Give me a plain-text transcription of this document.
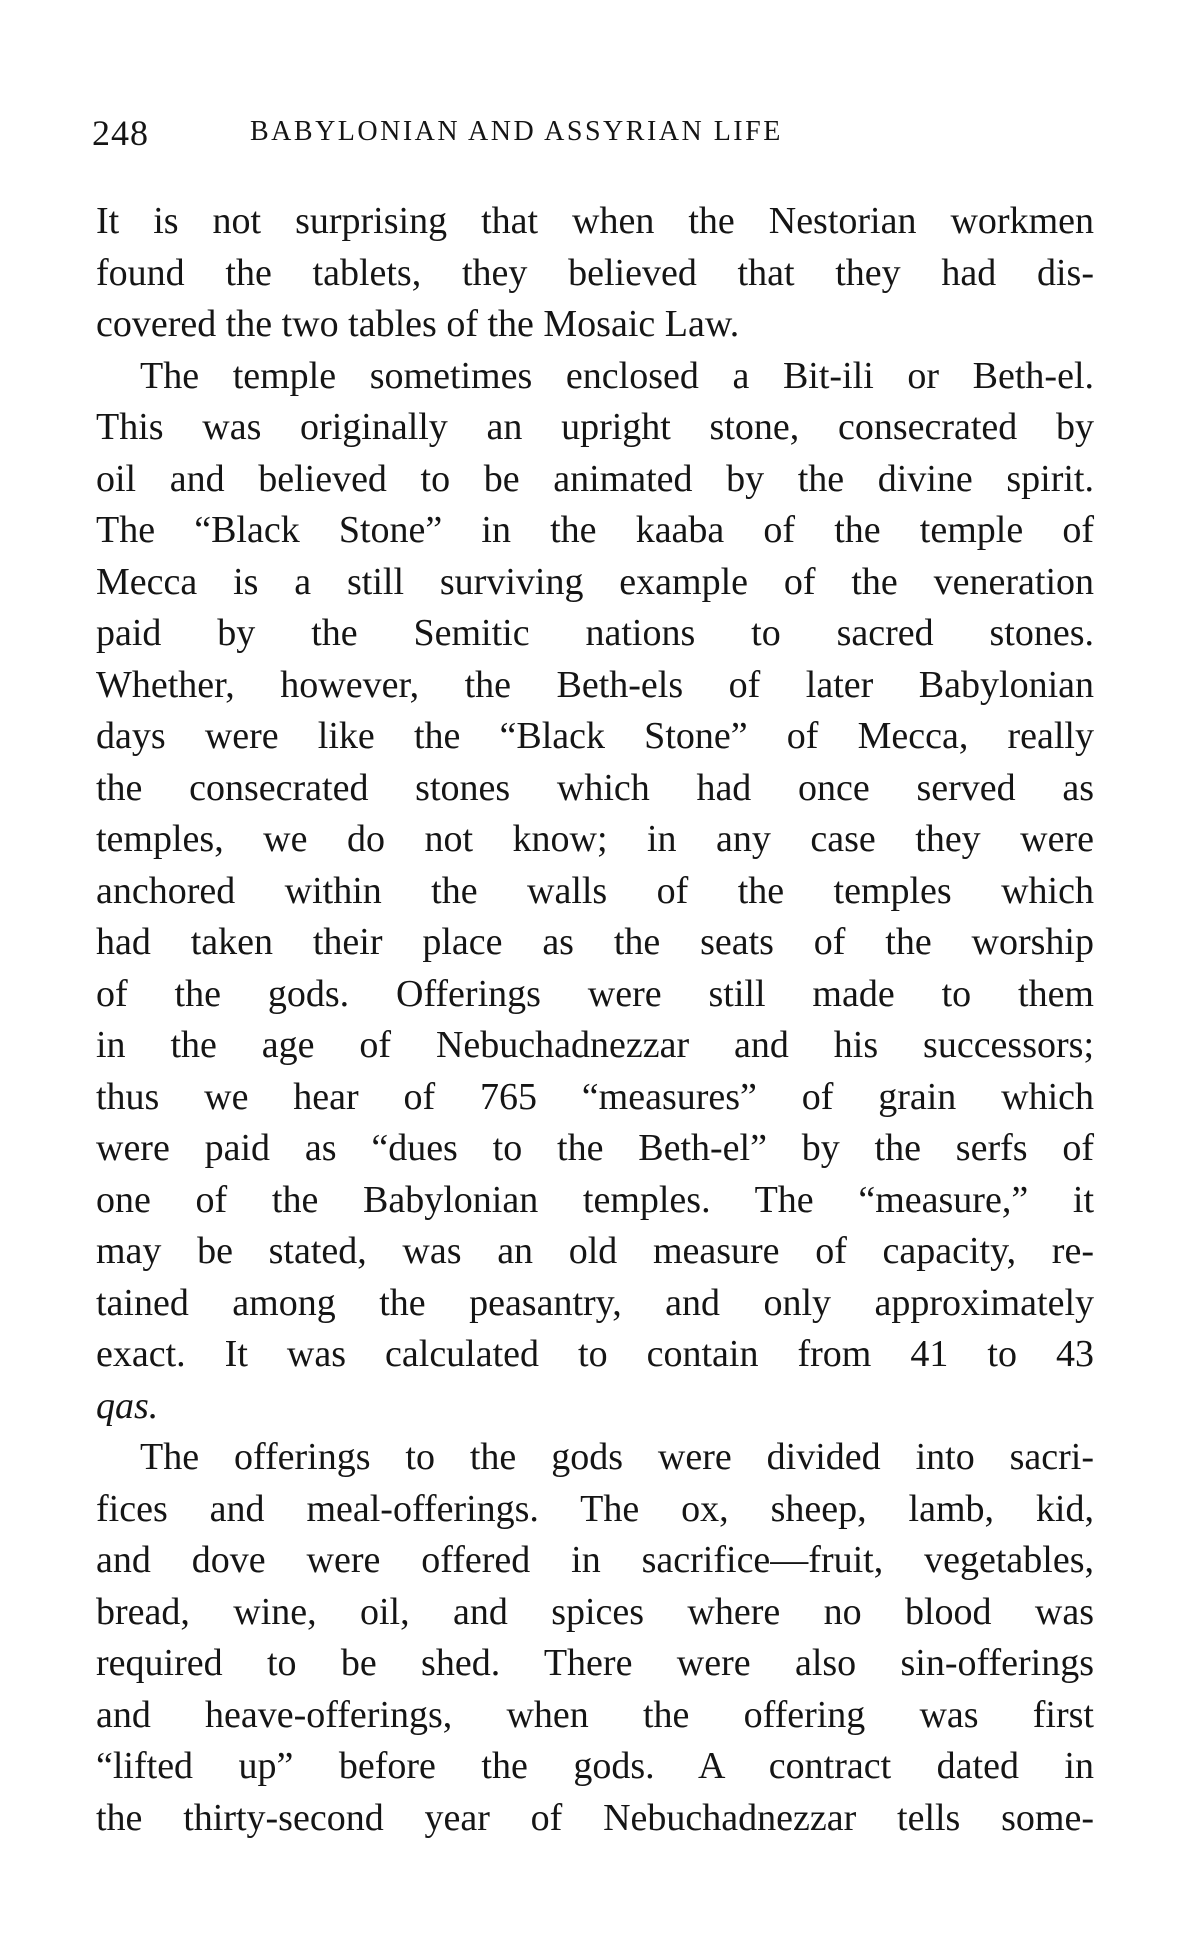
248	BABYLONIAN AND ASSYRIAN LIFE
It is not surprising that when the Nestorian workmen
found the tablets, they believed that they had dis-
covered the two tables of the Mosaic Law.
The temple sometimes enclosed a Bit-ili or Beth-el.
This was originally an upright stone, consecrated by
oil and believed to be animated by the divine spirit.
The “Black Stone” in the kaaba of the temple of
Mecca is a still surviving example of the veneration
paid by the Semitic nations to sacred stones.
Whether, however, the Beth-els of later Babylonian
days were like the “Black Stone” of Mecca, really
the consecrated stones which had once served as
temples, we do not know; in any case they were
anchored within the walls of the temples which
had taken their place as the seats of the worship
of the gods. Offerings were still made to them
in the age of Nebuchadnezzar and his successors;
thus we hear of 765 “measures” of grain which
were paid as “dues to the Beth-el” by the serfs of
one of the Babylonian temples. The “measure,” it
may be stated, was an old measure of capacity, re-
tained among the peasantry, and only approximately
exact. It was calculated to contain from 41 to 43
qas.
The offerings to the gods were divided into sacri-
fices and meal-offerings. The ox, sheep, lamb, kid,
and dove were offered in sacrifice—fruit, vegetables,
bread, wine, oil, and spices where no blood was
required to be shed. There were also sin-offerings
and heave-offerings, when the offering was first
“lifted up” before the gods. A contract dated in
the thirty-second year of Nebuchadnezzar tells some-
